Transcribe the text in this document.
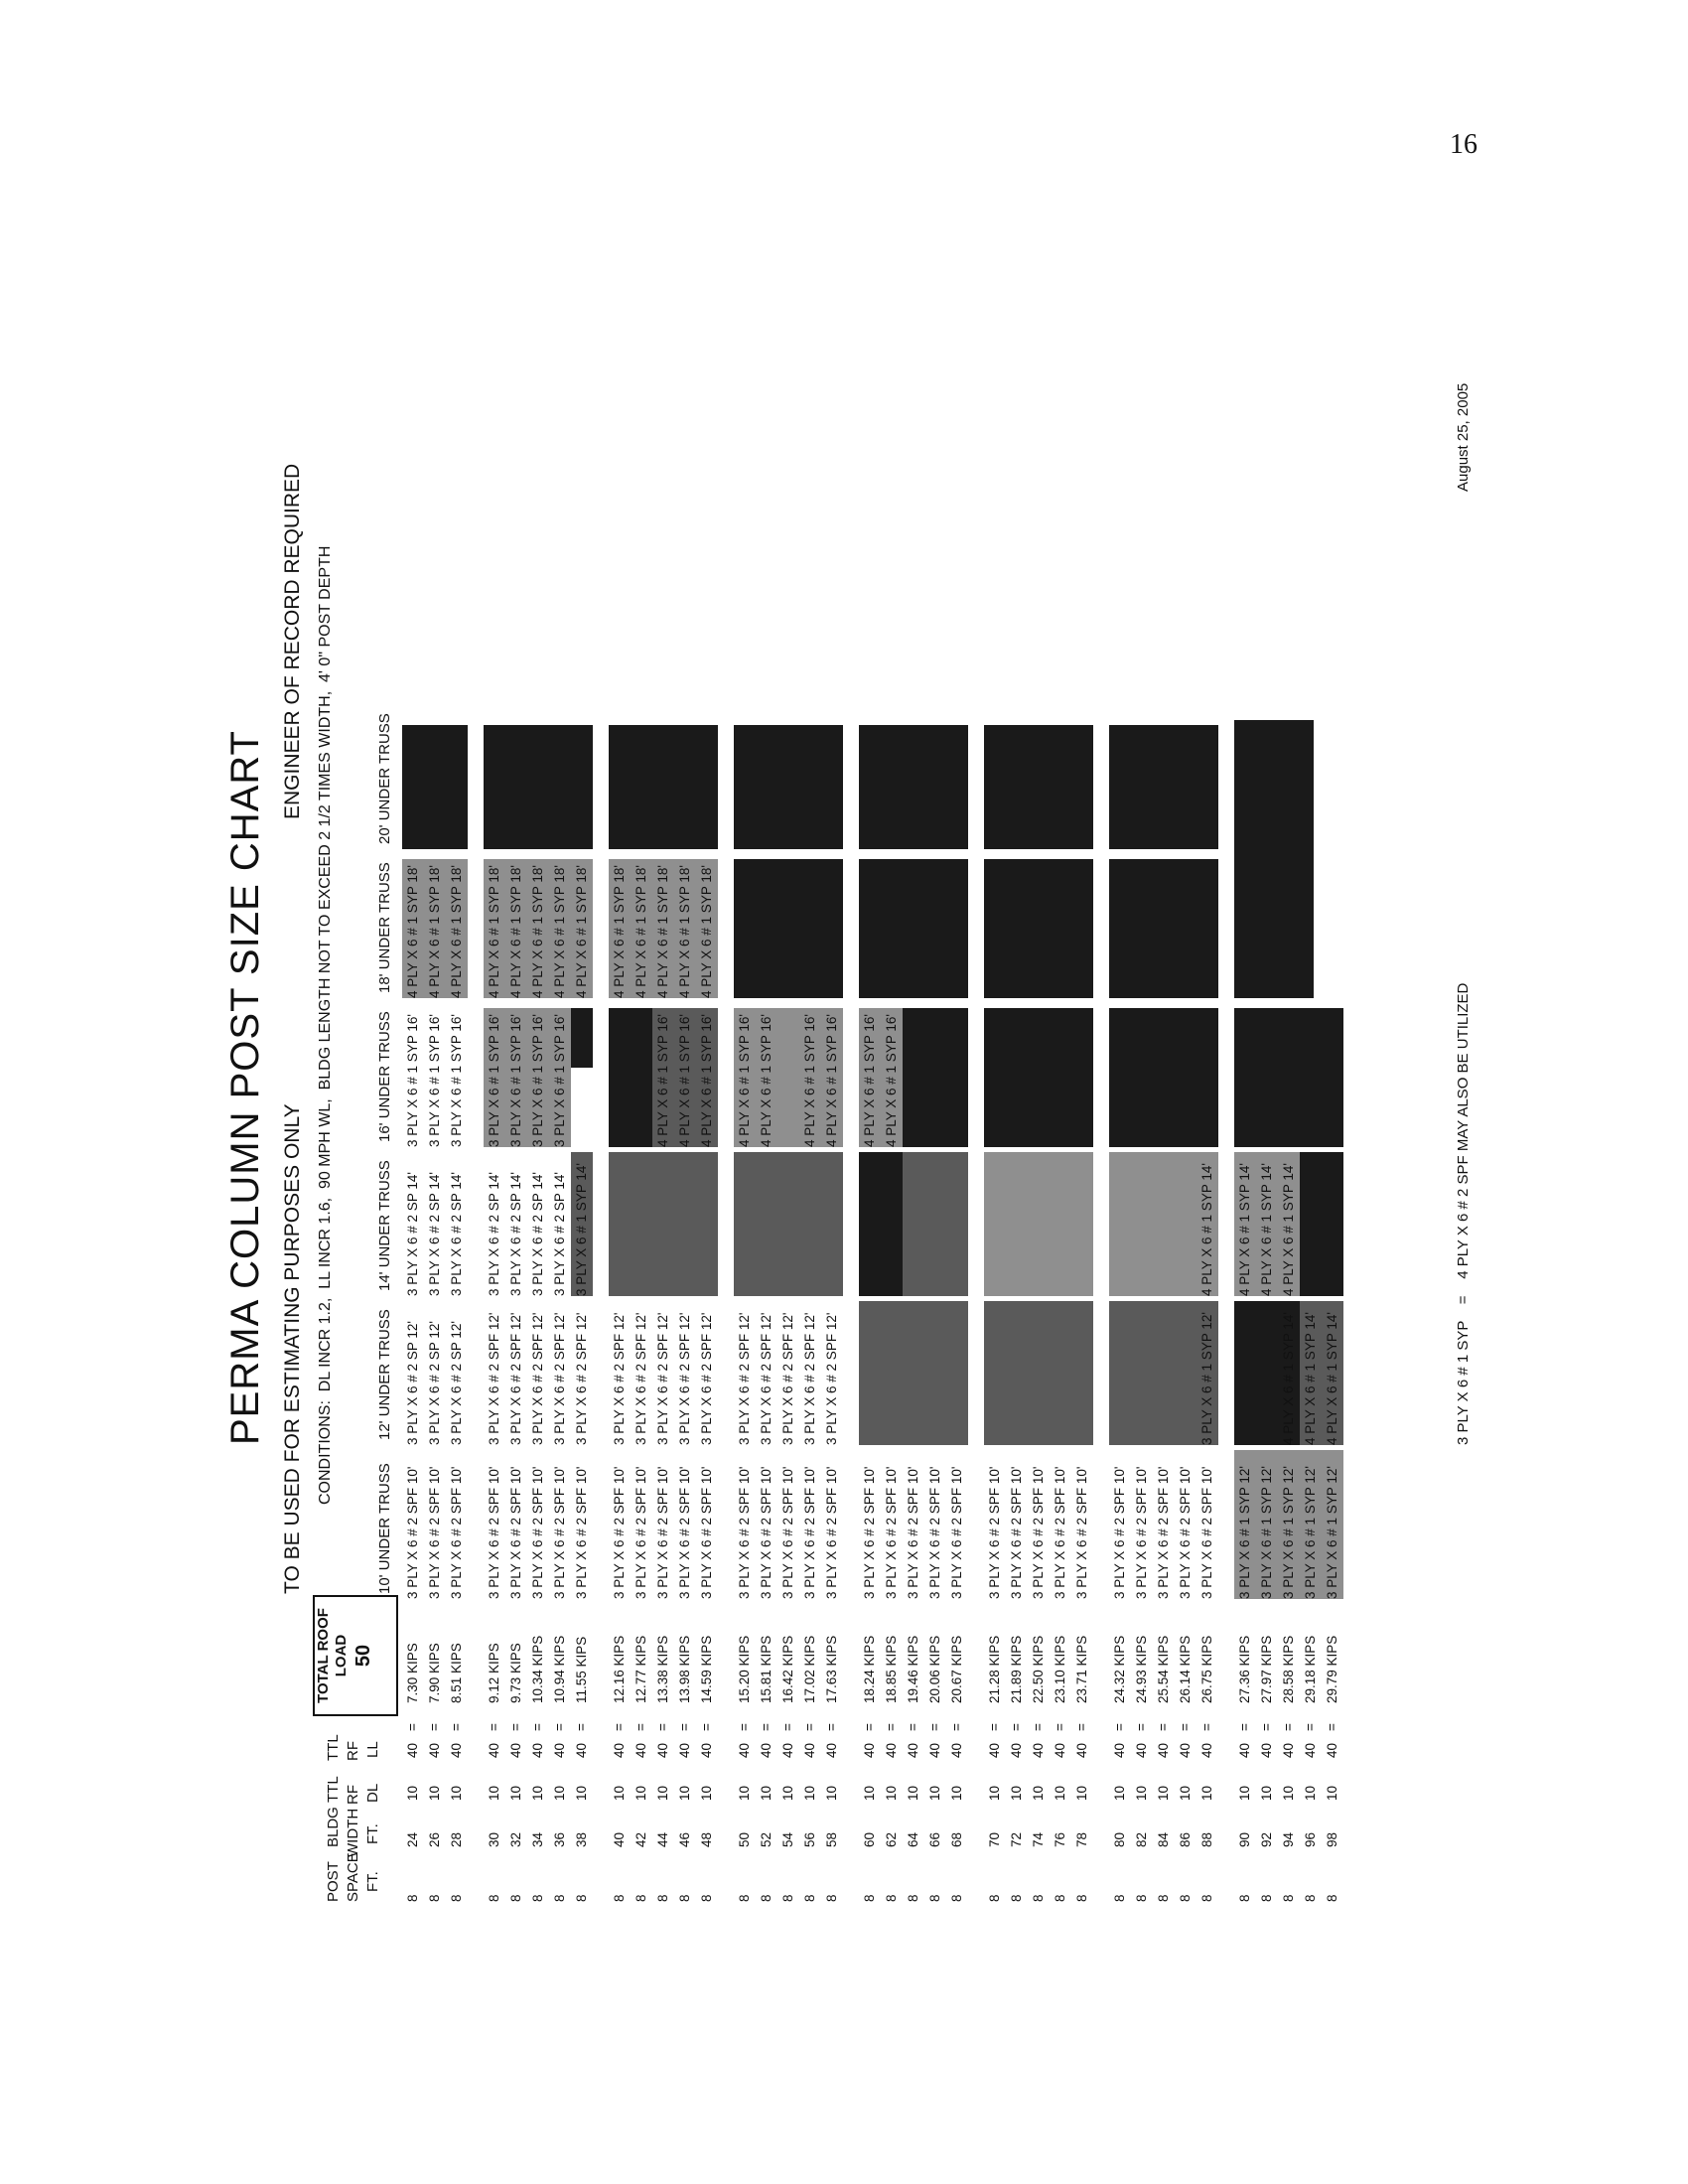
16
PERMA COLUMN POST SIZE CHART TO BE USED FOR ESTIMATING PURPOSES ONLY
ENGINEER OF RECORD REQUIRED CONDITIONS:  DL INCR 1.2,  LL INCR 1.6,  90 MPH WL,  BLDG LENGTH NOT TO EXCEED 2 1/2 TIMES WIDTH,  4' 0" POST DEPTH
POST
BLDG
TTL
TTL
SPACE
WIDTH
RF
RF
FT.
FT.
DL
LL
TOTAL ROOF LOAD 50
10' UNDER TRUSS
12' UNDER TRUSS
14' UNDER TRUSS
16' UNDER TRUSS
18' UNDER TRUSS
20' UNDER TRUSS
8
24
10
40
=
7.30 KIPS
3 PLY X 6 # 2 SPF 10'
3 PLY X 6 # 2 SP 12'
3 PLY X 6 # 2 SP 14'
3 PLY X 6 # 1 SYP 16'
4 PLY X 6 # 1 SYP 18'
8
26
10
40
=
7.90 KIPS
3 PLY X 6 # 2 SPF 10'
3 PLY X 6 # 2 SP 12'
3 PLY X 6 # 2 SP 14'
3 PLY X 6 # 1 SYP 16'
4 PLY X 6 # 1 SYP 18'
8
28
10
40
=
8.51 KIPS
3 PLY X 6 # 2 SPF 10'
3 PLY X 6 # 2 SP 12'
3 PLY X 6 # 2 SP 14'
3 PLY X 6 # 1 SYP 16'
4 PLY X 6 # 1 SYP 18'
8
30
10
40
=
9.12 KIPS
3 PLY X 6 # 2 SPF 10'
3 PLY X 6 # 2 SPF 12'
3 PLY X 6 # 2 SP 14'
3 PLY X 6 # 1 SYP 16'
4 PLY X 6 # 1 SYP 18'
8
32
10
40
=
9.73 KIPS
3 PLY X 6 # 2 SPF 10'
3 PLY X 6 # 2 SPF 12'
3 PLY X 6 # 2 SP 14'
3 PLY X 6 # 1 SYP 16'
4 PLY X 6 # 1 SYP 18'
8
34
10
40
=
10.34 KIPS
3 PLY X 6 # 2 SPF 10'
3 PLY X 6 # 2 SPF 12'
3 PLY X 6 # 2 SP 14'
3 PLY X 6 # 1 SYP 16'
4 PLY X 6 # 1 SYP 18'
8
36
10
40
=
10.94 KIPS
3 PLY X 6 # 2 SPF 10'
3 PLY X 6 # 2 SPF 12'
3 PLY X 6 # 2 SP 14'
3 PLY X 6 # 1 SYP 16'
4 PLY X 6 # 1 SYP 18'
8
38
10
40
=
11.55 KIPS
3 PLY X 6 # 2 SPF 10'
3 PLY X 6 # 2 SPF 12'
3 PLY X 6 # 1 SYP 14'
4 PLY X 6 # 1 SYP 18'
8
40
10
40
=
12.16 KIPS
3 PLY X 6 # 2 SPF 10'
3 PLY X 6 # 2 SPF 12'
4 PLY X 6 # 1 SYP 18'
8
42
10
40
=
12.77 KIPS
3 PLY X 6 # 2 SPF 10'
3 PLY X 6 # 2 SPF 12'
4 PLY X 6 # 1 SYP 18'
8
44
10
40
=
13.38 KIPS
3 PLY X 6 # 2 SPF 10'
3 PLY X 6 # 2 SPF 12'
4 PLY X 6 # 1 SYP 16'
4 PLY X 6 # 1 SYP 18'
8
46
10
40
=
13.98 KIPS
3 PLY X 6 # 2 SPF 10'
3 PLY X 6 # 2 SPF 12'
4 PLY X 6 # 1 SYP 16'
4 PLY X 6 # 1 SYP 18'
8
48
10
40
=
14.59 KIPS
3 PLY X 6 # 2 SPF 10'
3 PLY X 6 # 2 SPF 12'
4 PLY X 6 # 1 SYP 16'
4 PLY X 6 # 1 SYP 18'
8
50
10
40
=
15.20 KIPS
3 PLY X 6 # 2 SPF 10'
3 PLY X 6 # 2 SPF 12'
4 PLY X 6 # 1 SYP 16'
8
52
10
40
=
15.81 KIPS
3 PLY X 6 # 2 SPF 10'
3 PLY X 6 # 2 SPF 12'
4 PLY X 6 # 1 SYP 16'
8
54
10
40
=
16.42 KIPS
3 PLY X 6 # 2 SPF 10'
3 PLY X 6 # 2 SPF 12'
8
56
10
40
=
17.02 KIPS
3 PLY X 6 # 2 SPF 10'
3 PLY X 6 # 2 SPF 12'
4 PLY X 6 # 1 SYP 16'
8
58
10
40
=
17.63 KIPS
3 PLY X 6 # 2 SPF 10'
3 PLY X 6 # 2 SPF 12'
4 PLY X 6 # 1 SYP 16'
8
60
10
40
=
18.24 KIPS
3 PLY X 6 # 2 SPF 10'
4 PLY X 6 # 1 SYP 16'
8
62
10
40
=
18.85 KIPS
3 PLY X 6 # 2 SPF 10'
4 PLY X 6 # 1 SYP 16'
8
64
10
40
=
19.46 KIPS
3 PLY X 6 # 2 SPF 10'
8
66
10
40
=
20.06 KIPS
3 PLY X 6 # 2 SPF 10'
8
68
10
40
=
20.67 KIPS
3 PLY X 6 # 2 SPF 10'
8
70
10
40
=
21.28 KIPS
3 PLY X 6 # 2 SPF 10'
8
72
10
40
=
21.89 KIPS
3 PLY X 6 # 2 SPF 10'
8
74
10
40
=
22.50 KIPS
3 PLY X 6 # 2 SPF 10'
8
76
10
40
=
23.10 KIPS
3 PLY X 6 # 2 SPF 10'
8
78
10
40
=
23.71 KIPS
3 PLY X 6 # 2 SPF 10'
8
80
10
40
=
24.32 KIPS
3 PLY X 6 # 2 SPF 10'
8
82
10
40
=
24.93 KIPS
3 PLY X 6 # 2 SPF 10'
8
84
10
40
=
25.54 KIPS
3 PLY X 6 # 2 SPF 10'
8
86
10
40
=
26.14 KIPS
3 PLY X 6 # 2 SPF 10'
8
88
10
40
=
26.75 KIPS
3 PLY X 6 # 2 SPF 10'
3 PLY X 6 # 1 SYP 12'
4 PLY X 6 # 1 SYP 14'
8
90
10
40
=
27.36 KIPS
3 PLY X 6 # 1 SYP 12'
4 PLY X 6 # 1 SYP 14'
8
92
10
40
=
27.97 KIPS
3 PLY X 6 # 1 SYP 12'
4 PLY X 6 # 1 SYP 14'
8
94
10
40
=
28.58 KIPS
3 PLY X 6 # 1 SYP 12'
4 PLY X 6 # 1 SYP 14'
4 PLY X 6 # 1 SYP 14'
8
96
10
40
=
29.18 KIPS
3 PLY X 6 # 1 SYP 12'
4 PLY X 6 # 1 SYP 14'
8
98
10
40
=
29.79 KIPS
3 PLY X 6 # 1 SYP 12'
4 PLY X 6 # 1 SYP 14'	3 PLY X 6 # 1 SYP    =    4 PLY X 6 # 2 SPF MAY ALSO BE UTILIZED
August 25, 2005
